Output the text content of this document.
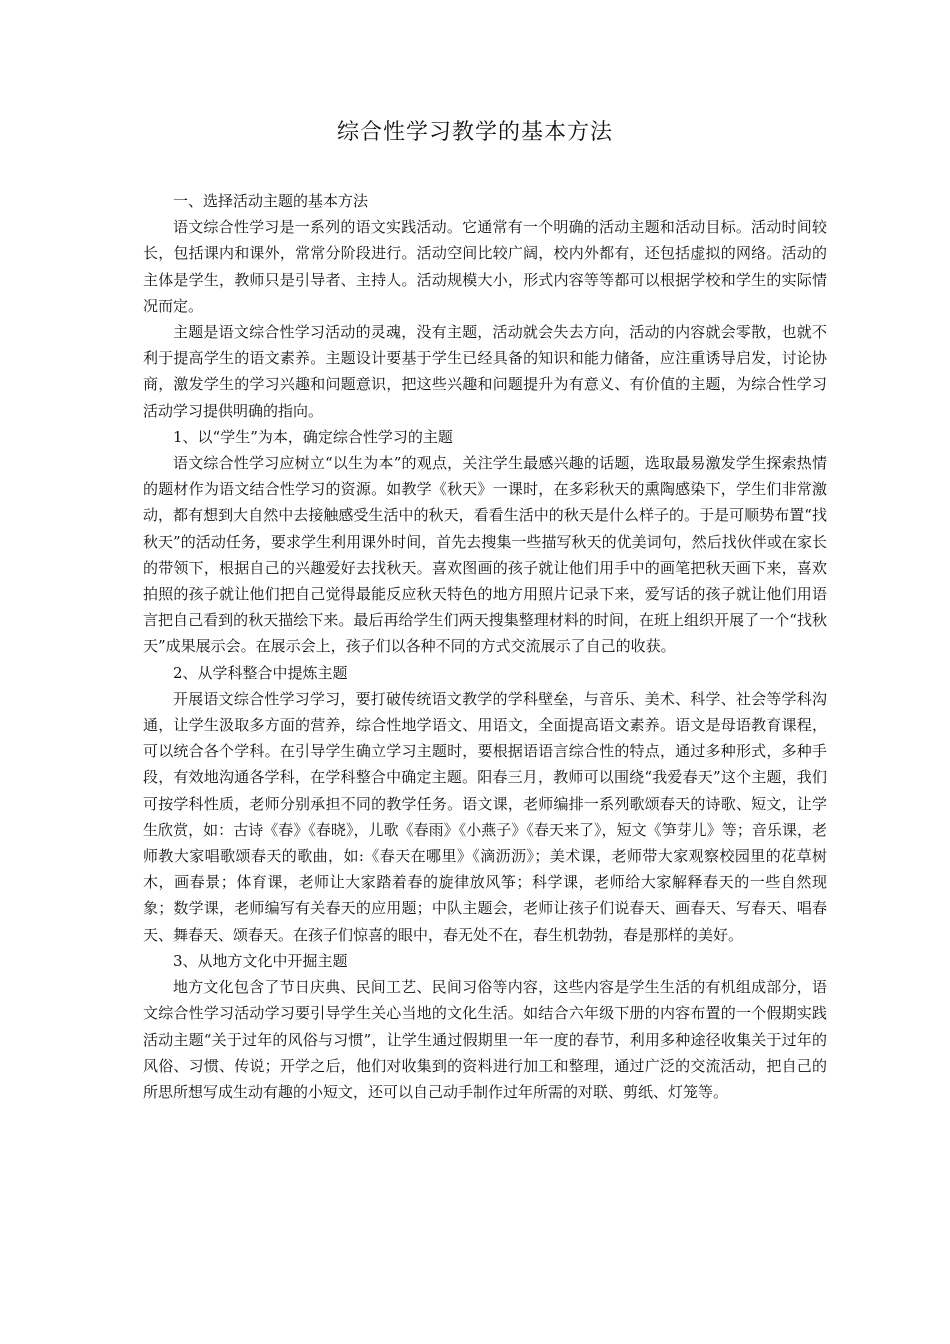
综合性学习教学的基本方法

一、选择活动主题的基本方法

语文综合性学习是一系列的语文实践活动。它通常有一个明确的活动主题和活动目标。活动时间较长，包括课内和课外，常常分阶段进行。活动空间比较广阔，校内外都有，还包括虚拟的网络。活动的主体是学生，教师只是引导者、主持人。活动规模大小，形式内容等等都可以根据学校和学生的实际情况而定。

主题是语文综合性学习活动的灵魂，没有主题，活动就会失去方向，活动的内容就会零散，也就不利于提高学生的语文素养。主题设计要基于学生已经具备的知识和能力储备，应注重诱导启发，讨论协商，激发学生的学习兴趣和问题意识，把这些兴趣和问题提升为有意义、有价值的主题，为综合性学习活动学习提供明确的指向。

1、以“学生”为本，确定综合性学习的主题

语文综合性学习应树立“以生为本”的观点，关注学生最感兴趣的话题，选取最易激发学生探索热情的题材作为语文结合性学习的资源。如教学《秋天》一课时，在多彩秋天的熏陶感染下，学生们非常激动，都有想到大自然中去接触感受生活中的秋天，看看生活中的秋天是什么样子的。于是可顺势布置“找秋天”的活动任务，要求学生利用课外时间，首先去搜集一些描写秋天的优美词句，然后找伙伴或在家长的带领下，根据自己的兴趣爱好去找秋天。喜欢图画的孩子就让他们用手中的画笔把秋天画下来，喜欢拍照的孩子就让他们把自己觉得最能反应秋天特色的地方用照片记录下来，爱写话的孩子就让他们用语言把自己看到的秋天描绘下来。最后再给学生们两天搜集整理材料的时间，在班上组织开展了一个“找秋天”成果展示会。在展示会上，孩子们以各种不同的方式交流展示了自己的收获。

2、从学科整合中提炼主题

开展语文综合性学习学习，要打破传统语文教学的学科壁垒，与音乐、美术、科学、社会等学科沟通，让学生汲取多方面的营养，综合性地学语文、用语文，全面提高语文素养。语文是母语教育课程，可以统合各个学科。在引导学生确立学习主题时，要根据语语言综合性的特点，通过多种形式，多种手段，有效地沟通各学科，在学科整合中确定主题。阳春三月，教师可以围绕“我爱春天”这个主题，我们可按学科性质，老师分别承担不同的教学任务。语文课，老师编排一系列歌颂春天的诗歌、短文，让学生欣赏，如：古诗《春》《春晓》，儿歌《春雨》《小燕子》《春天来了》，短文《笋芽儿》等；音乐课，老师教大家唱歌颂春天的歌曲，如:《春天在哪里》《滴沥沥》；美术课，老师带大家观察校园里的花草树木，画春景；体育课，老师让大家踏着春的旋律放风筝；科学课，老师给大家解释春天的一些自然现象；数学课，老师编写有关春天的应用题；中队主题会，老师让孩子们说春天、画春天、写春天、唱春天、舞春天、颂春天。在孩子们惊喜的眼中，春无处不在，春生机勃勃，春是那样的美好。

3、从地方文化中开掘主题

地方文化包含了节日庆典、民间工艺、民间习俗等内容，这些内容是学生生活的有机组成部分，语文综合性学习活动学习要引导学生关心当地的文化生活。如结合六年级下册的内容布置的一个假期实践活动主题“关于过年的风俗与习惯”，让学生通过假期里一年一度的春节，利用多种途径收集关于过年的风俗、习惯、传说；开学之后，他们对收集到的资料进行加工和整理，通过广泛的交流活动，把自己的所思所想写成生动有趣的小短文，还可以自己动手制作过年所需的对联、剪纸、灯笼等。
